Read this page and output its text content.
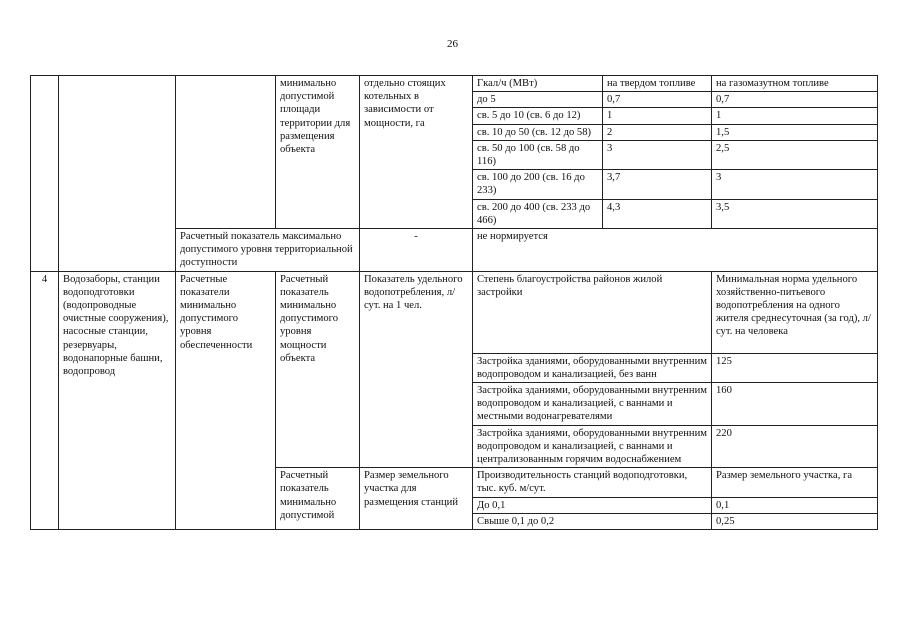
26
			минимально допустимой площади территории для размещения объекта	отдельно стоящих котельных в зависимости от мощности, га	Гкал/ч (МВт)	на твердом топливе	на газомазутном топливе
					до 5	0,7	0,7
					св. 5 до 10 (св. 6 до 12)	1	1
					св. 10 до 50 (св. 12 до 58)	2	1,5
					св. 50 до 100 (св. 58 до 116)	3	2,5
					св. 100 до 200 (св. 16 до 233)	3,7	3
					св. 200 до 400 (св. 233 до 466)	4,3	3,5
		Расчетный показатель максимально допустимого уровня территориальной доступности		-	не нормируется		
4	Водозаборы, станции водоподготовки (водопроводные очистные сооружения), насосные станции, резервуары, водонапорные башни, водопровод	Расчетные показатели минимально допустимого уровня обеспеченности	Расчетный показатель минимально допустимого уровня мощности объекта	Показатель удельного водопотребления, л/сут. на 1 чел.	Степень благоустройства районов жилой застройки		Минимальная норма удельного хозяйственно-питьевого водопотребления на одного жителя среднесуточная (за год), л/сут. на человека
					Застройка зданиями, оборудованными внутренним водопроводом и канализацией, без ванн		125
					Застройка зданиями, оборудованными внутренним водопроводом и канализацией, с ваннами и местными водонагревателями		160
					Застройка зданиями, оборудованными внутренним водопроводом и канализацией, с ваннами и централизованным горячим водоснабжением		220
			Расчетный показатель минимально допустимой	Размер земельного участка для размещения станций	Производительность станций водоподготовки, тыс. куб. м/сут.		Размер земельного участка, га
					До 0,1		0,1
					Свыше 0,1 до 0,2		0,25
